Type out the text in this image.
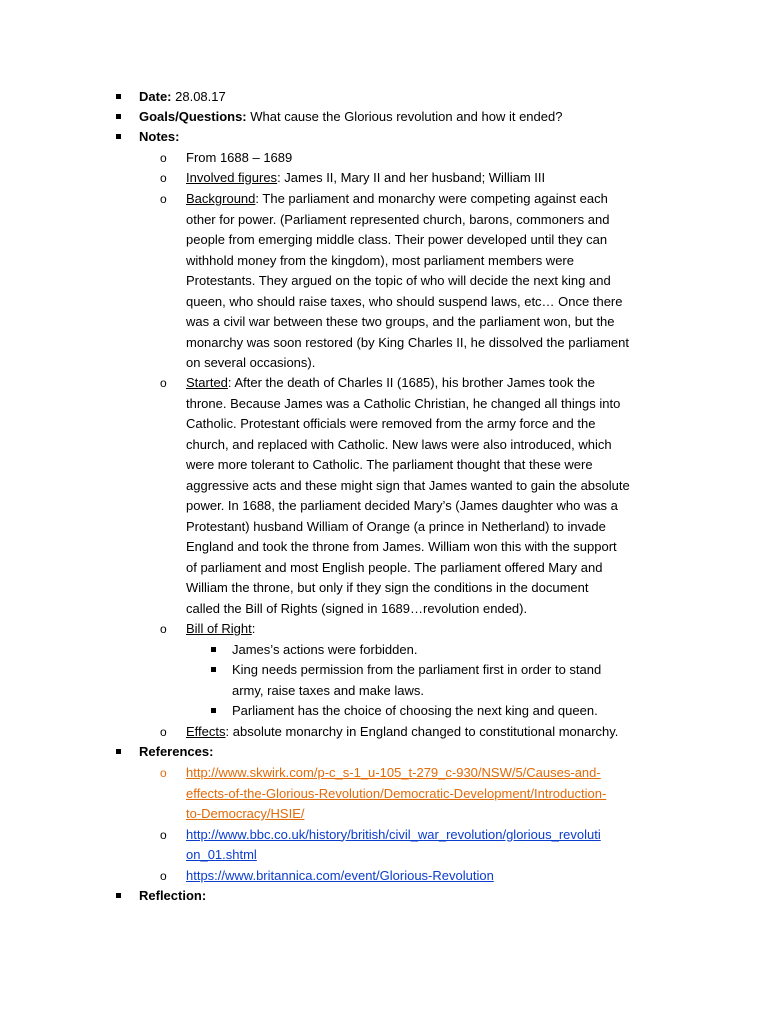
Date: 28.08.17
Goals/Questions: What cause the Glorious revolution and how it ended?
Notes:
o From 1688 – 1689
o Involved figures: James II, Mary II and her husband; William III
o Background: The parliament and monarchy were competing against each
other for power. (Parliament represented church, barons, commoners and
people from emerging middle class. Their power developed until they can
withhold money from the kingdom), most parliament members were
Protestants. They argued on the topic of who will decide the next king and
queen, who should raise taxes, who should suspend laws, etc… Once there
was a civil war between these two groups, and the parliament won, but the
monarchy was soon restored (by King Charles II, he dissolved the parliament
on several occasions).
o Started: After the death of Charles II (1685), his brother James took the
throne. Because James was a Catholic Christian, he changed all things into
Catholic. Protestant officials were removed from the army force and the
church, and replaced with Catholic. New laws were also introduced, which
were more tolerant to Catholic. The parliament thought that these were
aggressive acts and these might sign that James wanted to gain the absolute
power. In 1688, the parliament decided Mary’s (James daughter who was a
Protestant) husband William of Orange (a prince in Netherland) to invade
England and took the throne from James. William won this with the support
of parliament and most English people. The parliament offered Mary and
William the throne, but only if they sign the conditions in the document
called the Bill of Rights (signed in 1689…revolution ended).
o Bill of Right:
James’s actions were forbidden.
King needs permission from the parliament first in order to stand
army, raise taxes and make laws.
Parliament has the choice of choosing the next king and queen.
o Effects: absolute monarchy in England changed to constitutional monarchy.
References:
o http://www.skwirk.com/p-c_s-1_u-105_t-279_c-930/NSW/5/Causes-and-
effects-of-the-Glorious-Revolution/Democratic-Development/Introduction-
to-Democracy/HSIE/
o http://www.bbc.co.uk/history/british/civil_war_revolution/glorious_revoluti
on_01.shtml
o https://www.britannica.com/event/Glorious-Revolution
Reflection:
